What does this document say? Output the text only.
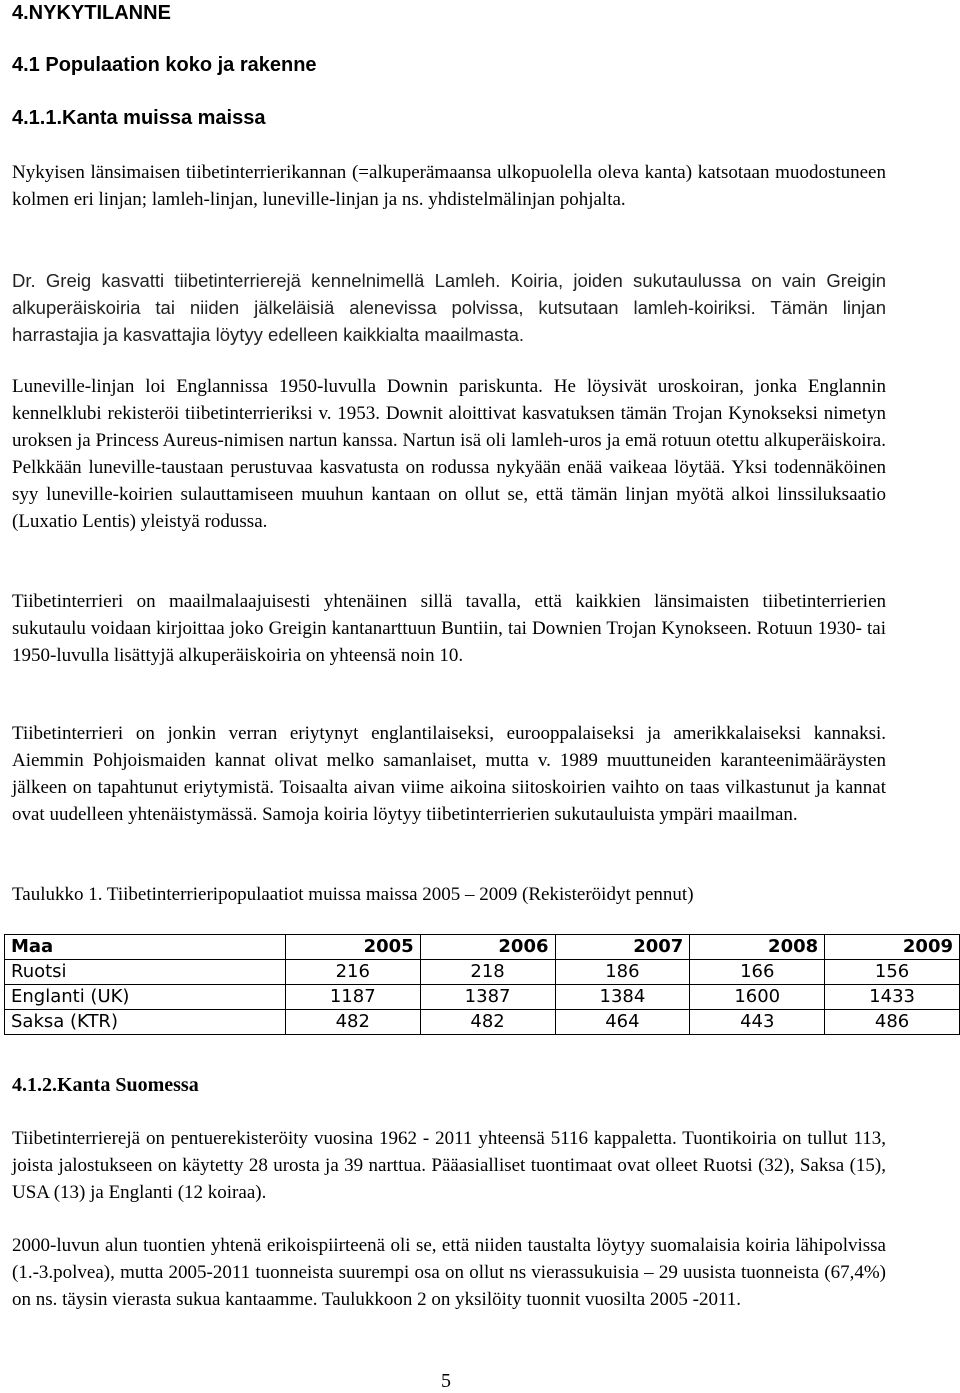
4.NYKYTILANNE
4.1 Populaation koko ja rakenne
4.1.1.Kanta muissa maissa

Nykyisen länsimaisen tiibetinterrierikannan (=alkuperämaansa ulkopuolella oleva kanta) katsotaan muodostuneen kolmen eri linjan; lamleh-linjan, luneville-linjan ja ns. yhdistelmälinjan pohjalta.

Dr. Greig kasvatti tiibetinterrierejä kennelnimellä Lamleh. Koiria, joiden sukutaulussa on vain Greigin alkuperäiskoiria tai niiden jälkeläisiä alenevissa polvissa, kutsutaan lamleh-koiriksi. Tämän linjan harrastajia ja kasvattajia löytyy edelleen kaikkialta maailmasta.

Luneville-linjan loi Englannissa 1950-luvulla Downin pariskunta. He löysivät uroskoiran, jonka Englannin kennelklubi rekisteröi tiibetinterrieriksi v. 1953. Downit aloittivat kasvatuksen tämän Trojan Kynokseksi nimetyn uroksen ja Princess Aureus-nimisen nartun kanssa. Nartun isä oli lamleh-uros ja emä rotuun otettu alkuperäiskoira. Pelkkään luneville-taustaan perustuvaa kasvatusta on rodussa nykyään enää vaikeaa löytää. Yksi todennäköinen syy luneville-koirien sulauttamiseen muuhun kantaan on ollut se, että tämän linjan myötä alkoi linssiluksaatio (Luxatio Lentis) yleistyä rodussa.

Tiibetinterrieri on maailmalaajuisesti yhtenäinen sillä tavalla, että kaikkien länsimaisten tiibetinterrierien sukutaulu voidaan kirjoittaa joko Greigin kantanarttuun Buntiin, tai Downien Trojan Kynokseen. Rotuun 1930- tai 1950-luvulla lisättyjä alkuperäiskoiria on yhteensä noin 10.

Tiibetinterrieri on jonkin verran eriytynyt englantilaiseksi, eurooppalaiseksi ja amerikkalaiseksi kannaksi. Aiemmin Pohjoismaiden kannat olivat melko samanlaiset, mutta v. 1989 muuttuneiden karanteenimääräysten jälkeen on tapahtunut eriytymistä. Toisaalta aivan viime aikoina siitoskoirien vaihto on taas vilkastunut ja kannat ovat uudelleen yhtenäistymässä. Samoja koiria löytyy tiibetinterrierien sukutauluista ympäri maailman.

Taulukko 1. Tiibetinterrieripopulaatiot muissa maissa 2005 – 2009 (Rekisteröidyt pennut)
Maa	2005	2006	2007	2008	2009
Ruotsi	216	218	186	166	156
Englanti (UK)	1187	1387	1384	1600	1433
Saksa (KTR)	482	482	464	443	486
4.1.2.Kanta Suomessa

Tiibetinterrierejä on pentuerekisteröity vuosina 1962 - 2011 yhteensä 5116 kappaletta. Tuontikoiria on tullut 113, joista jalostukseen on käytetty 28 urosta ja 39 narttua. Pääasialliset tuontimaat ovat olleet Ruotsi (32), Saksa (15), USA (13) ja Englanti (12 koiraa).

2000-luvun alun tuontien yhtenä erikoispiirteenä oli se, että niiden taustalta löytyy suomalaisia koiria lähipolvissa (1.-3.polvea), mutta 2005-2011 tuonneista suurempi osa on ollut ns vierassukuisia – 29 uusista tuonneista (67,4%) on ns. täysin vierasta sukua kantaamme. Taulukkoon 2 on yksilöity tuonnit vuosilta 2005 -2011.

5
